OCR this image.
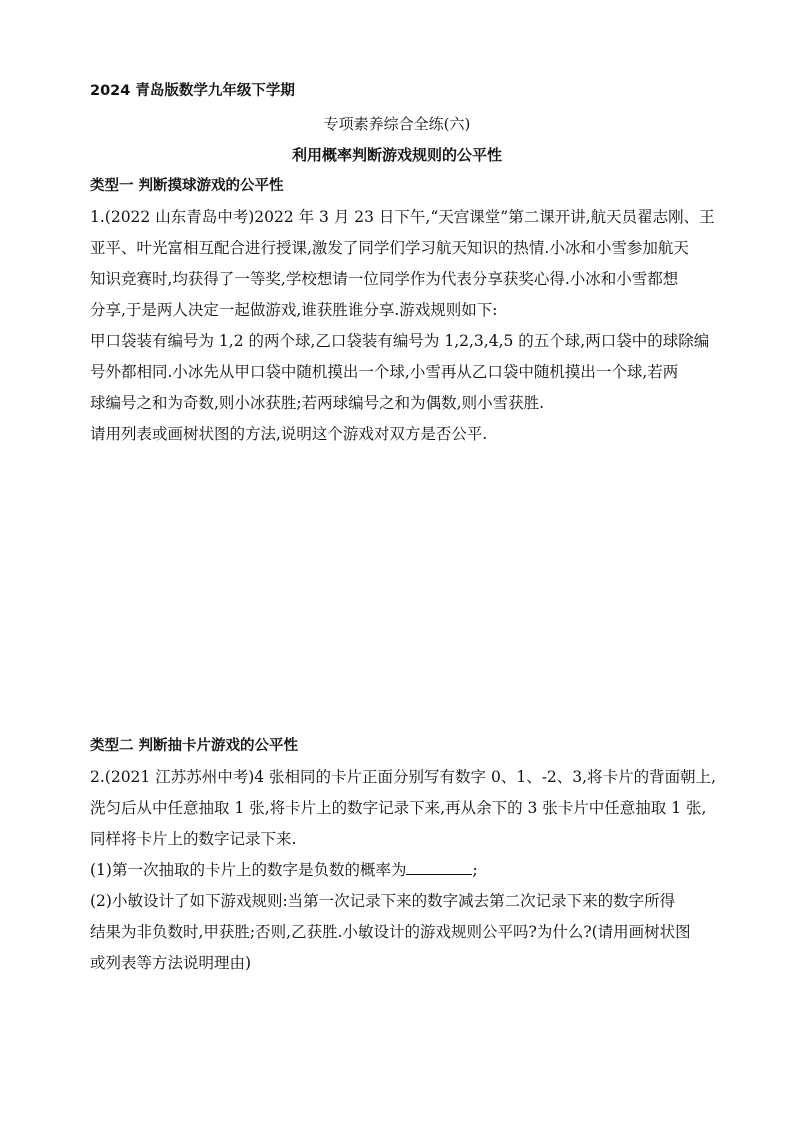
2024 青岛版数学九年级下学期
专项素养综合全练(六)
利用概率判断游戏规则的公平性
类型一 判断摸球游戏的公平性
1.(2022 山东青岛中考)2022 年 3 月 23 日下午,“天宫课堂”第二课开讲,航天员翟志刚、王
亚平、叶光富相互配合进行授课,激发了同学们学习航天知识的热情.小冰和小雪参加航天
知识竞赛时,均获得了一等奖,学校想请一位同学作为代表分享获奖心得.小冰和小雪都想
分享,于是两人决定一起做游戏,谁获胜谁分享.游戏规则如下:
甲口袋装有编号为 1,2 的两个球,乙口袋装有编号为 1,2,3,4,5 的五个球,两口袋中的球除编
号外都相同.小冰先从甲口袋中随机摸出一个球,小雪再从乙口袋中随机摸出一个球,若两
球编号之和为奇数,则小冰获胜;若两球编号之和为偶数,则小雪获胜.
请用列表或画树状图的方法,说明这个游戏对双方是否公平.
类型二 判断抽卡片游戏的公平性
2.(2021 江苏苏州中考)4 张相同的卡片正面分别写有数字 0、1、-2、3,将卡片的背面朝上,
洗匀后从中任意抽取 1 张,将卡片上的数字记录下来,再从余下的 3 张卡片中任意抽取 1 张,
同样将卡片上的数字记录下来.
(1)第一次抽取的卡片上的数字是负数的概率为	;
(2)小敏设计了如下游戏规则:当第一次记录下来的数字减去第二次记录下来的数字所得
结果为非负数时,甲获胜;否则,乙获胜.小敏设计的游戏规则公平吗?为什么?(请用画树状图
或列表等方法说明理由)
